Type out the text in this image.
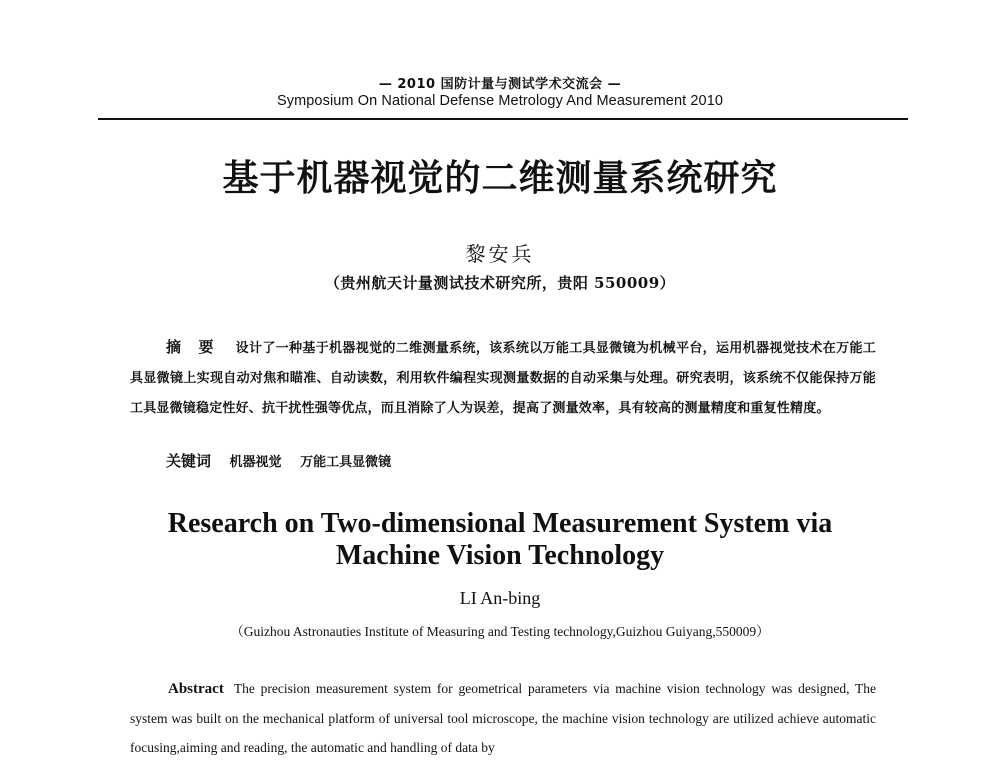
— 2010 国防计量与测试学术交流会 —
Symposium On National Defense Metrology And Measurement 2010
基于机器视觉的二维测量系统研究
黎安兵
（贵州航天计量测试技术研究所，贵阳 550009）
摘 要 设计了一种基于机器视觉的二维测量系统，该系统以万能工具显微镜为机械平台，运用机器视觉技术在万能工具显微镜上实现自动对焦和瞄准、自动读数，利用软件编程实现测量数据的自动采集与处理。研究表明，该系统不仅能保持万能工具显微镜稳定性好、抗干扰性强等优点，而且消除了人为误差，提高了测量效率，具有较高的测量精度和重复性精度。
关键词 机器视觉 万能工具显微镜
Research on Two-dimensional Measurement System via
Machine Vision Technology
LI An-bing
（Guizhou Astronauties Institute of Measuring and Testing technology,Guizhou Guiyang,550009）
Abstract The precision measurement system for geometrical parameters via machine vision technology was designed, The system was built on the mechanical platform of universal tool microscope, the machine vision technology are utilized achieve automatic focusing,aiming and reading, the automatic and handling of data by
